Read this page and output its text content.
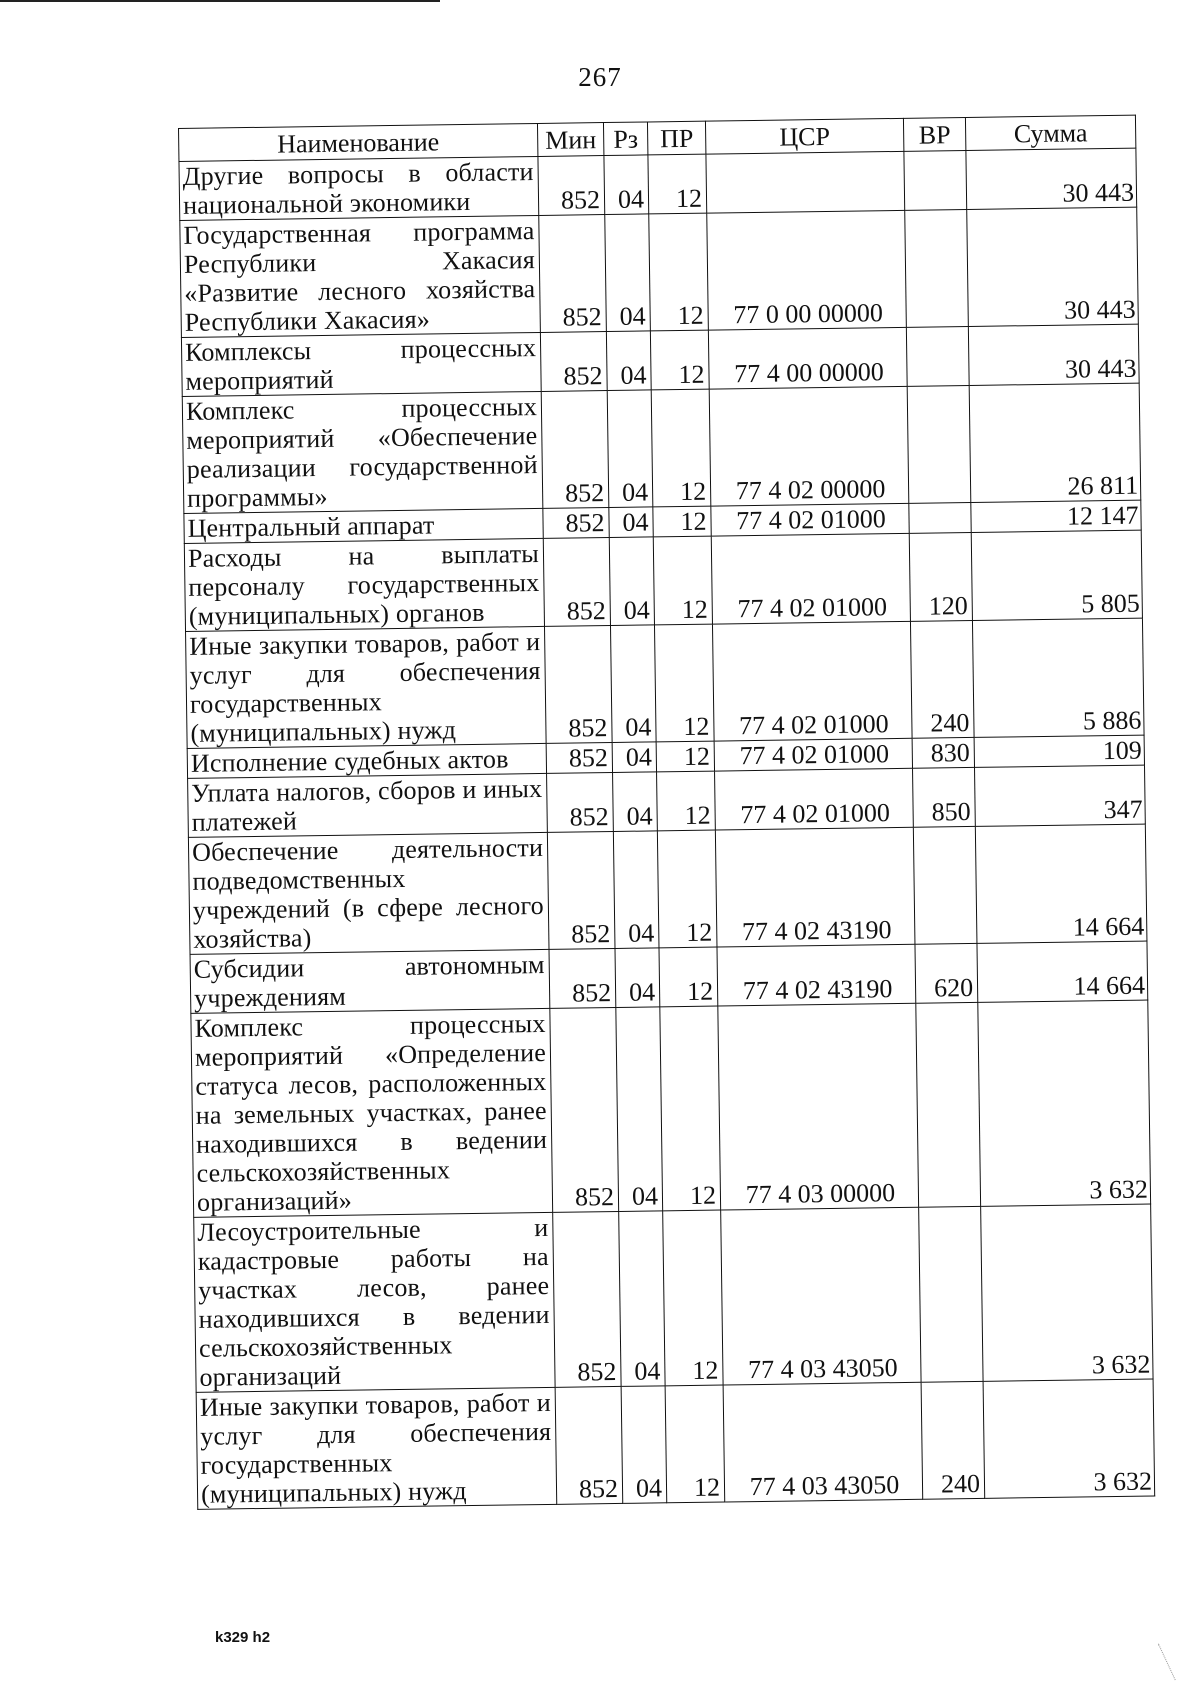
267
Наименование	Мин	Рз	ПР	ЦСР	ВР	Сумма
Другие вопросы в области национальной экономики	852	04	12			30 443
Государственная программа Республики Хакасия «Развитие лесного хозяйства Республики Хакасия»	852	04	12	77 0 00 00000		30 443
Комплексы процессных мероприятий	852	04	12	77 4 00 00000		30 443
Комплекс процессных мероприятий «Обеспечение реализации государственной программы»	852	04	12	77 4 02 00000		26 811
Центральный аппарат	852	04	12	77 4 02 01000		12 147
Расходы на выплаты персоналу государственных (муниципальных) органов	852	04	12	77 4 02 01000	120	5 805
Иные закупки товаров, работ и услуг для обеспечения государственных (муниципальных) нужд	852	04	12	77 4 02 01000	240	5 886
Исполнение судебных актов	852	04	12	77 4 02 01000	830	109
Уплата налогов, сборов и иных платежей	852	04	12	77 4 02 01000	850	347
Обеспечение деятельности подведомственных учреждений (в сфере лесного хозяйства)	852	04	12	77 4 02 43190		14 664
Субсидии автономным учреждениям	852	04	12	77 4 02 43190	620	14 664
Комплекс процессных мероприятий «Определение статуса лесов, расположенных на земельных участках, ранее находившихся в ведении сельскохозяйственных организаций»	852	04	12	77 4 03 00000		3 632
Лесоустроительные и кадастровые работы на участках лесов, ранее находившихся в ведении сельскохозяйственных организаций	852	04	12	77 4 03 43050		3 632
Иные закупки товаров, работ и услуг для обеспечения государственных (муниципальных) нужд	852	04	12	77 4 03 43050	240	3 632
k329 h2
